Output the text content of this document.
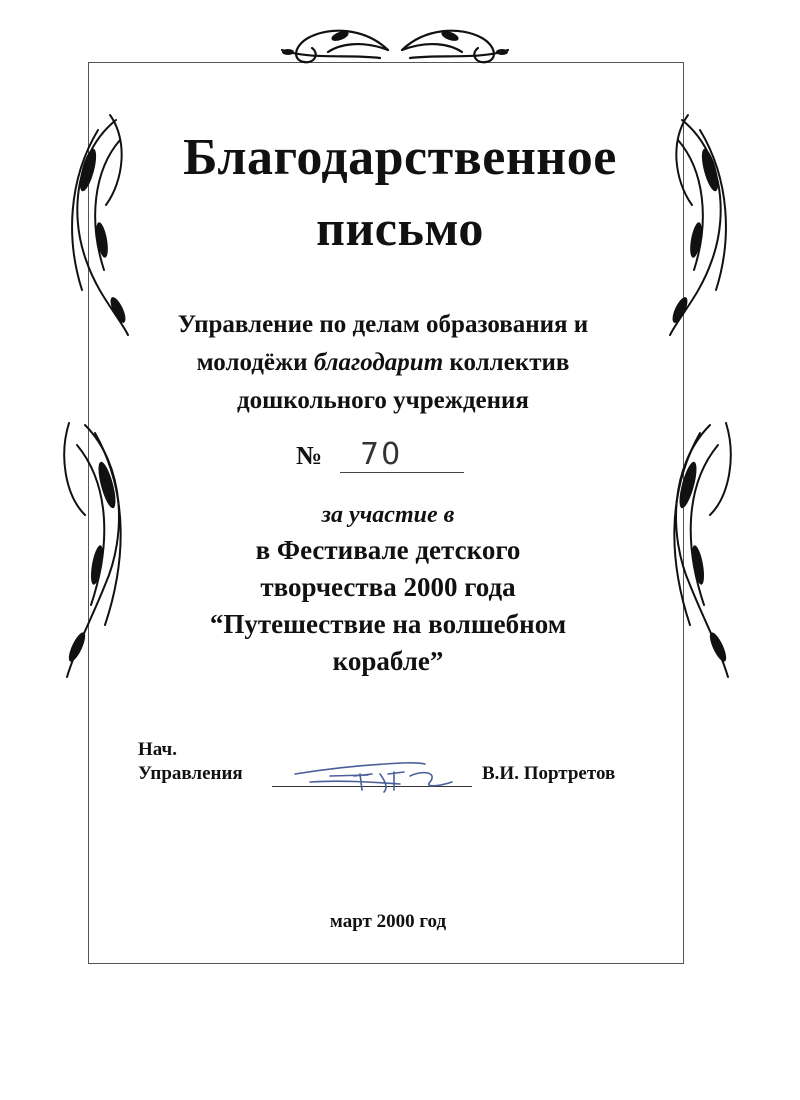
Благодарственное
письмо
Управление по делам образования и
молодёжи благодарит коллектив
дошкольного учреждения
№ 70
за участие в
в Фестивале детского
творчества 2000 года
“Путешествие на волшебном
корабле”
Нач.
Управления	В.И. Портретов
март 2000 год
